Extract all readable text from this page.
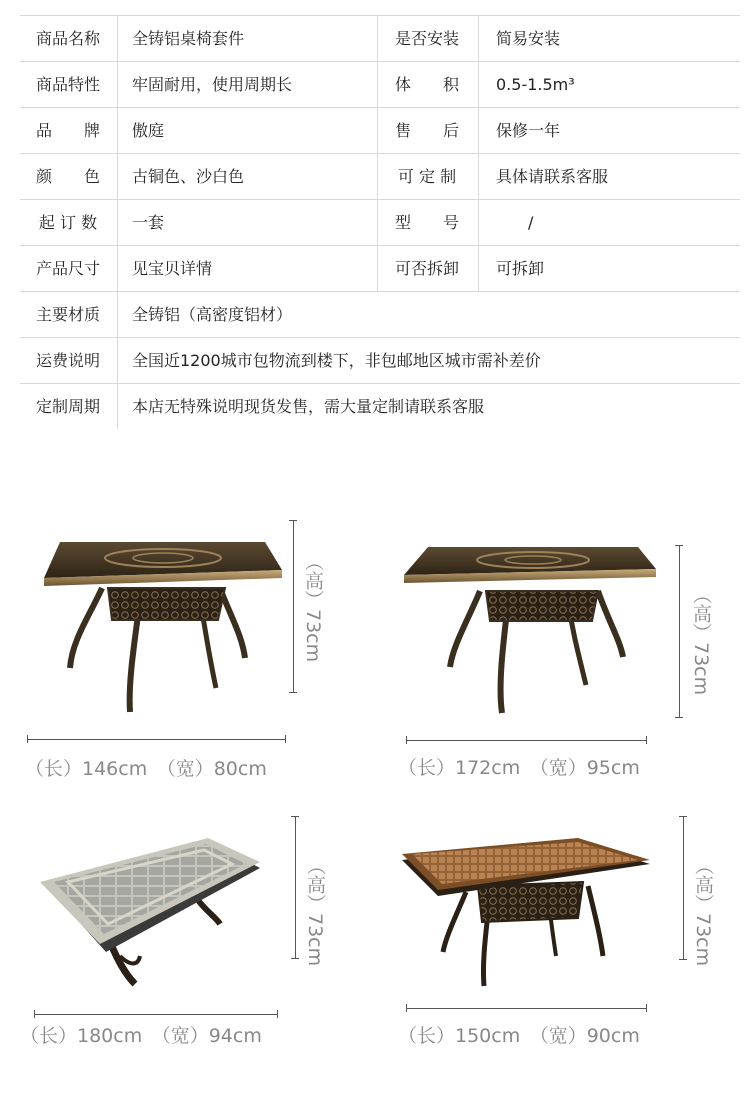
商品名称	全铸铝桌椅套件	是否安装	简易安装
商品特性	牢固耐用，使用周期长	体　　积	0.5-1.5m³
品　　牌	傲庭	售　　后	保修一年
颜　　色	古铜色、沙白色	可 定 制	具体请联系客服
起 订 数	一套	型　　号	/
产品尺寸	见宝贝详情	可否拆卸	可拆卸
主要材质	全铸铝（高密度铝材）
运费说明	全国近1200城市包物流到楼下，非包邮地区城市需补差价
定制周期	本店无特殊说明现货发售，需大量定制请联系客服
（高）73cm
（长）146cm　（宽）80cm
（高）73cm
（长）172cm　（宽）95cm
（高）73cm
（长）180cm　（宽）94cm
（高）73cm
（长）150cm　（宽）90cm
